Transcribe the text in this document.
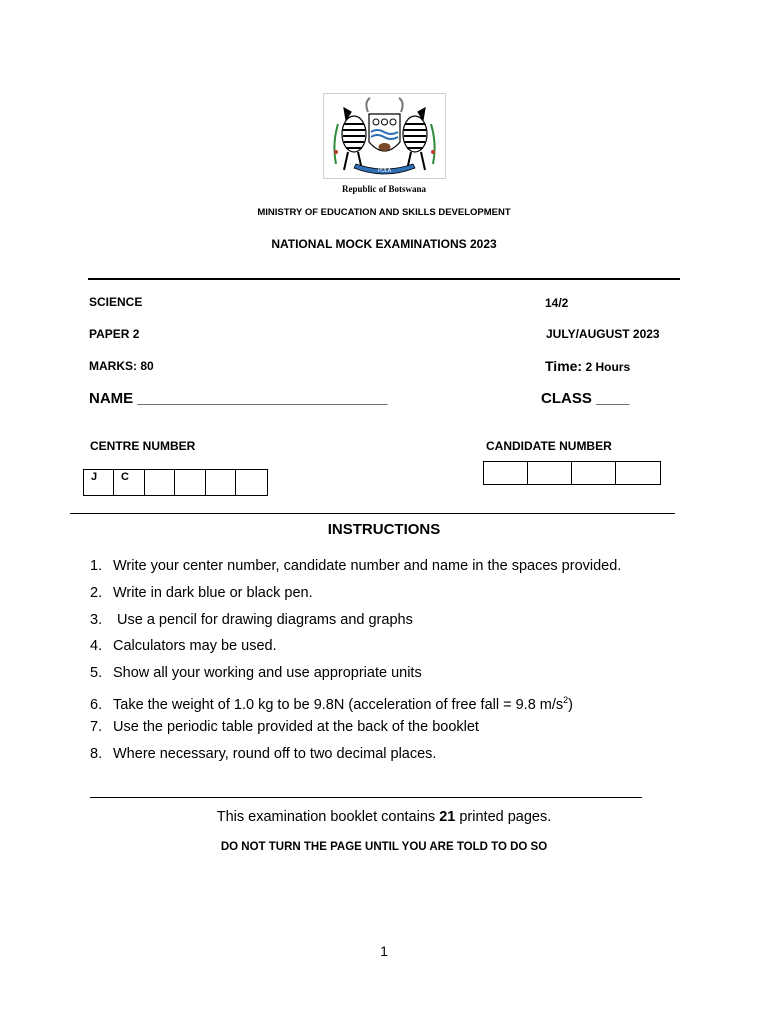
PULA
Republic of Botswana
MINISTRY OF EDUCATION AND SKILLS DEVELOPMENT
NATIONAL MOCK EXAMINATIONS 2023
SCIENCE	14/2
PAPER 2	JULY/AUGUST 2023
MARKS: 80	Time: 2 Hours
NAME ______________________________	CLASS ____
CENTRE NUMBER
J	C
CANDIDATE NUMBER
INSTRUCTIONS
1. Write your center number, candidate number and name in the spaces provided.
2. Write in dark blue or black pen.
3. Use a pencil for drawing diagrams and graphs
4. Calculators may be used.
5. Show all your working and use appropriate units
6. Take the weight of 1.0 kg to be 9.8N (acceleration of free fall = 9.8 $m/s^2$)
7. Use the periodic table provided at the back of the booklet
8. Where necessary, round off to two decimal places.
This examination booklet contains 21 printed pages.
DO NOT TURN THE PAGE UNTIL YOU ARE TOLD TO DO SO
1
